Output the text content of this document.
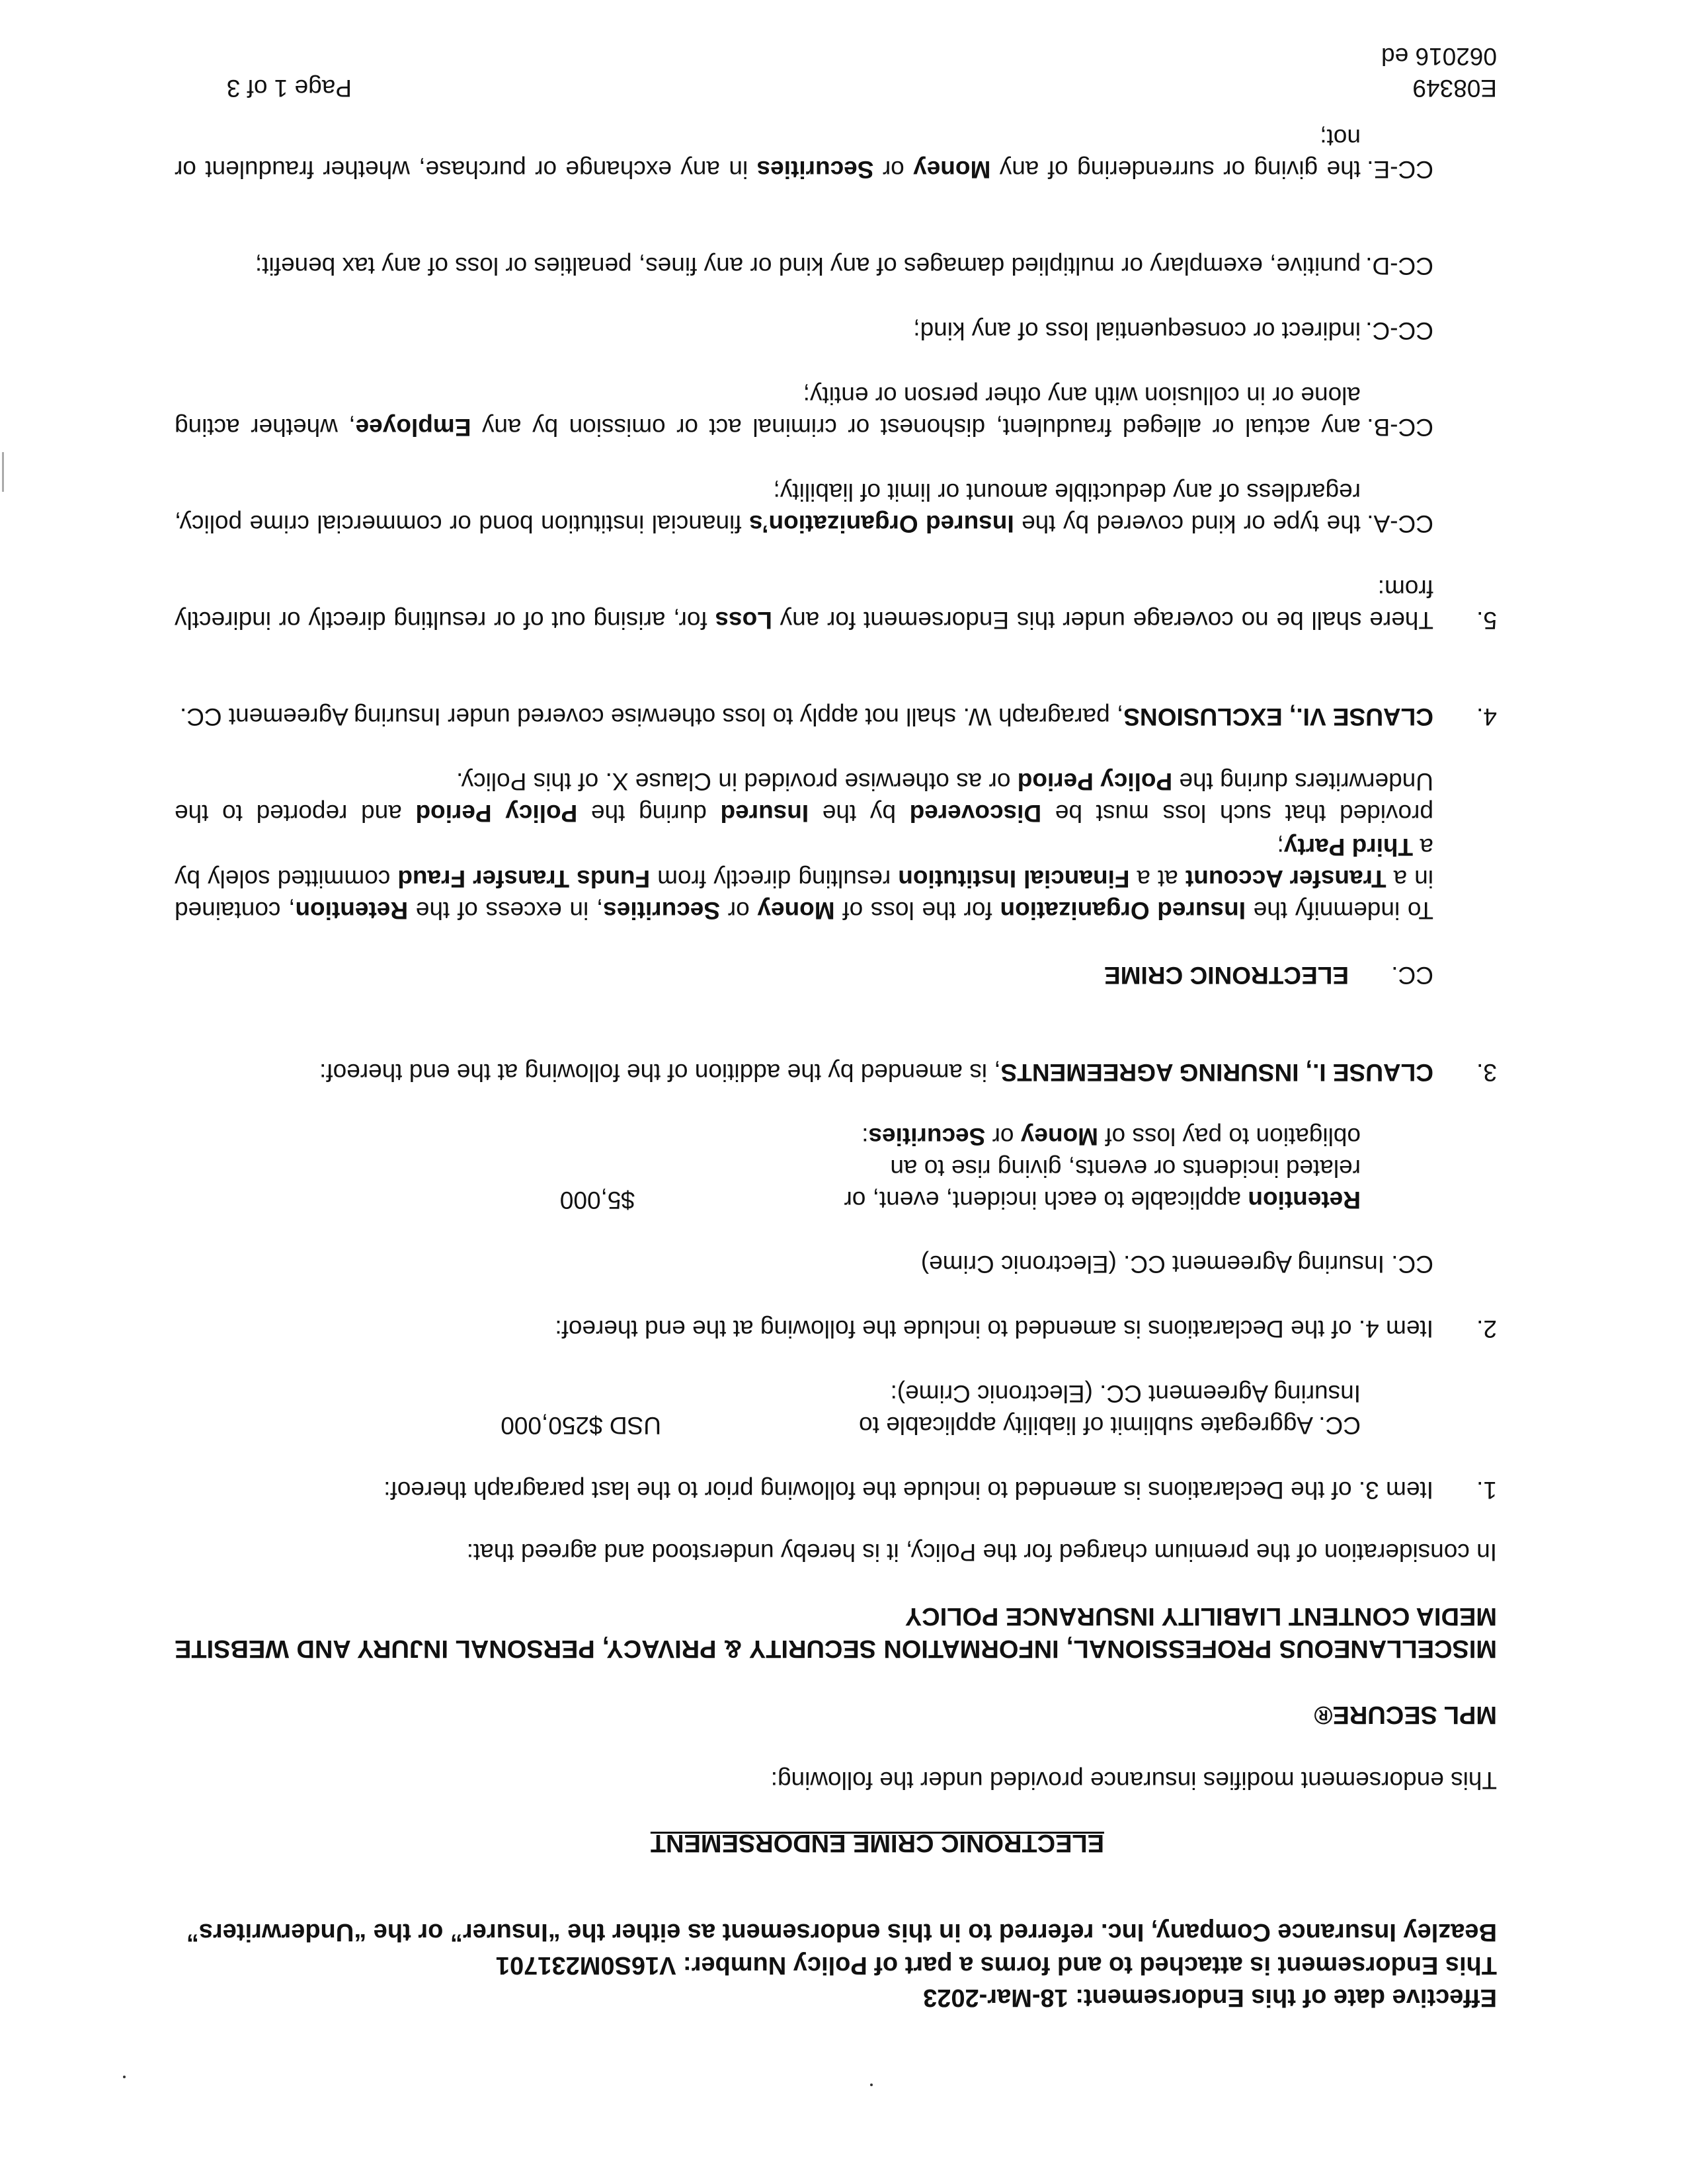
Effective date of this Endorsement: 18-Mar-2023
This Endorsement is attached to and forms a part of Policy Number: V16S0M231701
Beazley Insurance Company, Inc. referred to in this endorsement as either the “Insurer” or the “Underwriters”
ELECTRONIC CRIME ENDORSEMENT
This endorsement modifies insurance provided under the following:
MPL SECURE®
MISCELLANEOUS PROFESSIONAL, INFORMATION SECURITY & PRIVACY, PERSONAL INJURY AND WEBSITE MEDIA CONTENT LIABILITY INSURANCE POLICY
In consideration of the premium charged for the Policy, it is hereby understood and agreed that:
1.
Item 3. of the Declarations is amended to include the following prior to the last paragraph thereof:
CC. Aggregate sublimit of liability applicable to Insuring Agreement CC. (Electronic Crime):
USD $250,000
2.
Item 4. of the Declarations is amended to include the following at the end thereof:
CC. Insuring Agreement CC. (Electronic Crime)
Retention applicable to each incident, event, or related incidents or events, giving rise to an obligation to pay loss of Money or Securities:
$5,000
3.
CLAUSE I., INSURING AGREEMENTS, is amended by the addition of the following at the end thereof:
CC.
ELECTRONIC CRIME
To indemnify the Insured Organization for the loss of Money or Securities, in excess of the Retention, contained in a Transfer Account at a Financial Institution resulting directly from Funds Transfer Fraud committed solely by a Third Party;
provided that such loss must be Discovered by the Insured during the Policy Period and reported to the Underwriters during the Policy Period or as otherwise provided in Clause X. of this Policy.
4.
CLAUSE VI., EXCLUSIONS, paragraph W. shall not apply to loss otherwise covered under Insuring Agreement CC.
5.
There shall be no coverage under this Endorsement for any Loss for, arising out of or resulting directly or indirectly from:
CC-A.
the type or kind covered by the Insured Organization’s financial institution bond or commercial crime policy, regardless of any deductible amount or limit of liability;
CC-B.
any actual or alleged fraudulent, dishonest or criminal act or omission by any Employee, whether acting alone or in collusion with any other person or entity;
CC-C.
indirect or consequential loss of any kind;
CC-D.
punitive, exemplary or multiplied damages of any kind or any fines, penalties or loss of any tax benefit;
CC-E.
the giving or surrendering of any Money or Securities in any exchange or purchase, whether fraudulent or not;
E08349
062016 ed
Page 1 of 3
